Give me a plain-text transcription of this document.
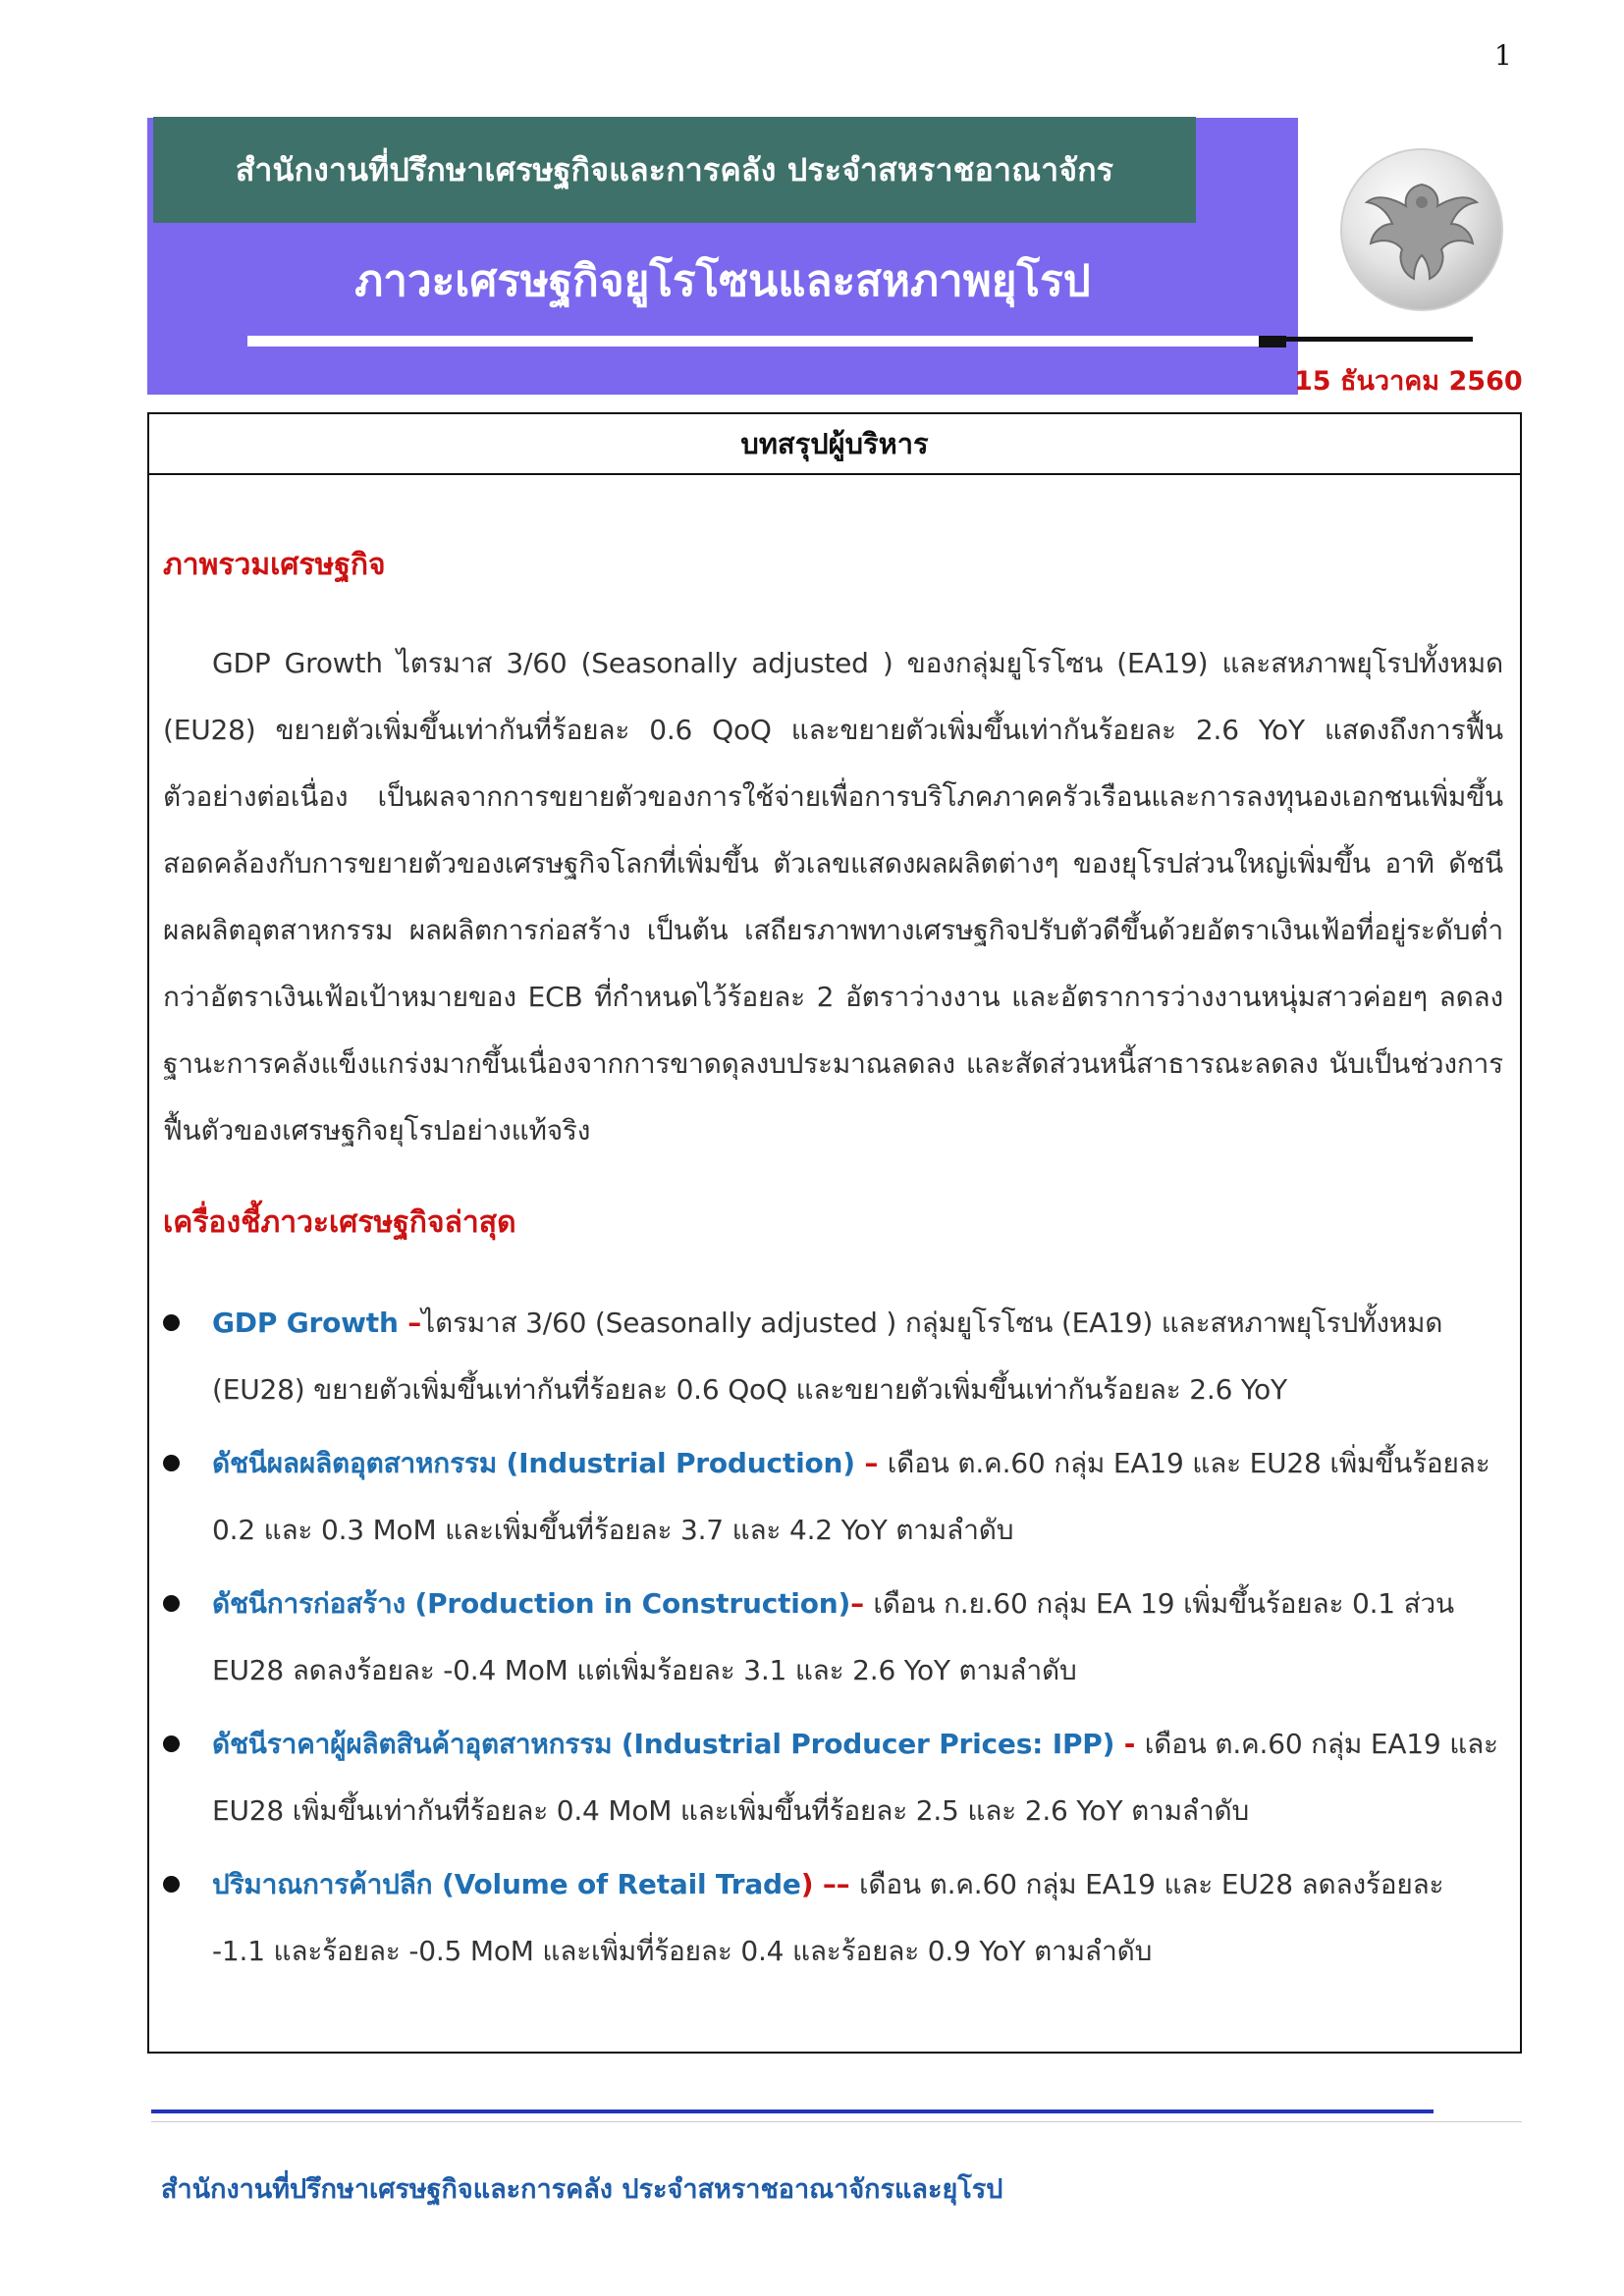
1
สำนักงานที่ปรึกษาเศรษฐกิจและการคลัง ประจำสหราชอาณาจักร
ภาวะเศรษฐกิจยูโรโซนและสหภาพยุโรป
15 ธันวาคม 2560
บทสรุปผู้บริหาร
ภาพรวมเศรษฐกิจ
GDP Growth ไตรมาส 3/60 (Seasonally adjusted ) ของกลุ่มยูโรโซน (EA19) และสหภาพยุโรปทั้งหมด (EU28) ขยายตัวเพิ่มขึ้นเท่ากันที่ร้อยละ 0.6 QoQ และขยายตัวเพิ่มขึ้นเท่ากันร้อยละ 2.6 YoY แสดงถึงการฟื้นตัวอย่างต่อเนื่อง เป็นผลจากการขยายตัวของการใช้จ่ายเพื่อการบริโภคภาคครัวเรือนและการลงทุนองเอกชนเพิ่มขึ้น สอดคล้องกับการขยายตัวของเศรษฐกิจโลกที่เพิ่มขึ้น ตัวเลขแสดงผลผลิตต่างๆ ของยุโรปส่วนใหญ่เพิ่มขึ้น อาทิ ดัชนีผลผลิตอุตสาหกรรม ผลผลิตการก่อสร้าง เป็นต้น เสถียรภาพทางเศรษฐกิจปรับตัวดีขึ้นด้วยอัตราเงินเฟ้อที่อยู่ระดับต่ำกว่าอัตราเงินเฟ้อเป้าหมายของ ECB ที่กำหนดไว้ร้อยละ 2 อัตราว่างงาน และอัตราการว่างงานหนุ่มสาวค่อยๆ ลดลง ฐานะการคลังแข็งแกร่งมากขึ้นเนื่องจากการขาดดุลงบประมาณลดลง และสัดส่วนหนี้สาธารณะลดลง นับเป็นช่วงการฟื้นตัวของเศรษฐกิจยุโรปอย่างแท้จริง
เครื่องชี้ภาวะเศรษฐกิจล่าสุด
GDP Growth –ไตรมาส 3/60 (Seasonally adjusted ) กลุ่มยูโรโซน (EA19) และสหภาพยุโรปทั้งหมด (EU28) ขยายตัวเพิ่มขึ้นเท่ากันที่ร้อยละ 0.6 QoQ และขยายตัวเพิ่มขึ้นเท่ากันร้อยละ 2.6 YoY
ดัชนีผลผลิตอุตสาหกรรม (Industrial Production) – เดือน ต.ค.60 กลุ่ม EA19 และ EU28 เพิ่มขึ้นร้อยละ 0.2 และ 0.3 MoM และเพิ่มขึ้นที่ร้อยละ 3.7 และ 4.2 YoY ตามลำดับ
ดัชนีการก่อสร้าง (Production in Construction)– เดือน ก.ย.60 กลุ่ม EA 19 เพิ่มขึ้นร้อยละ 0.1 ส่วน EU28 ลดลงร้อยละ -0.4 MoM แต่เพิ่มร้อยละ 3.1 และ 2.6 YoY ตามลำดับ
ดัชนีราคาผู้ผลิตสินค้าอุตสาหกรรม (Industrial Producer Prices: IPP) - เดือน ต.ค.60 กลุ่ม EA19 และ EU28 เพิ่มขึ้นเท่ากันที่ร้อยละ 0.4 MoM และเพิ่มขึ้นที่ร้อยละ 2.5 และ 2.6 YoY ตามลำดับ
ปริมาณการค้าปลีก (Volume of Retail Trade) –– เดือน ต.ค.60 กลุ่ม EA19 และ EU28 ลดลงร้อยละ -1.1 และร้อยละ -0.5 MoM และเพิ่มที่ร้อยละ 0.4 และร้อยละ 0.9 YoY ตามลำดับ
สำนักงานที่ปรึกษาเศรษฐกิจและการคลัง ประจำสหราชอาณาจักรและยุโรป
